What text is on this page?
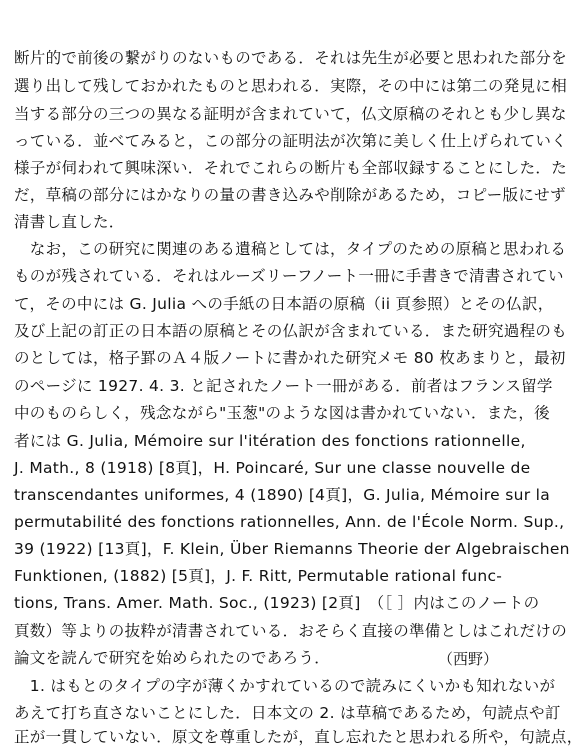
断片的で前後の繋がりのないものである．それは先生が必要と思われた部分を
選り出して残しておかれたものと思われる．実際，その中には第二の発見に相
当する部分の三つの異なる証明が含まれていて，仏文原稿のそれとも少し異な
っている．並べてみると，この部分の証明法が次第に美しく仕上げられていく
様子が伺われて興味深い．それでこれらの断片も全部収録することにした．た
だ，草稿の部分にはかなりの量の書き込みや削除があるため，コピー版にせず
清書し直した．
　なお，この研究に関連のある遺稿としては，タイプのための原稿と思われる
ものが残されている．それはルーズリーフノート一冊に手書きで清書されてい
て，その中には G. Julia への手紙の日本語の原稿（ii 頁参照）とその仏訳，
及び上記の訂正の日本語の原稿とその仏訳が含まれている．また研究過程のも
のとしては，格子罫のＡ４版ノートに書かれた研究メモ 80 枚あまりと，最初
のページに 1927. 4. 3. と記されたノート一冊がある．前者はフランス留学
中のものらしく，残念ながら"玉葱"のような図は書かれていない．また，後
者には G. Julia, Mémoire sur l'itération des fonctions rationnelle,
J. Math., 8 (1918) [8頁]，H. Poincaré, Sur une classe nouvelle de
transcendantes uniformes, 4 (1890) [4頁]，G. Julia, Mémoire sur la
permutabilité des fonctions rationnelles, Ann. de l'École Norm. Sup.,
39 (1922) [13頁]，F. Klein, Über Riemanns Theorie der Algebraischen
Funktionen, (1882) [5頁]，J. F. Ritt, Permutable rational func-
tions, Trans. Amer. Math. Soc., (1923) [2頁]　（［ ］内はこのノートの
頁数）等よりの抜粋が清書されている．おそらく直接の準備としはこれだけの
論文を読んで研究を始められたのであろう．	（西野）
　1. はもとのタイプの字が薄くかすれているので読みにくいかも知れないが
あえて打ち直さないことにした．日本文の 2. は草稿であるため，句読点や訂
正が一貫していない．原文を尊重したが，直し忘れたと思われる所や，句読点，
